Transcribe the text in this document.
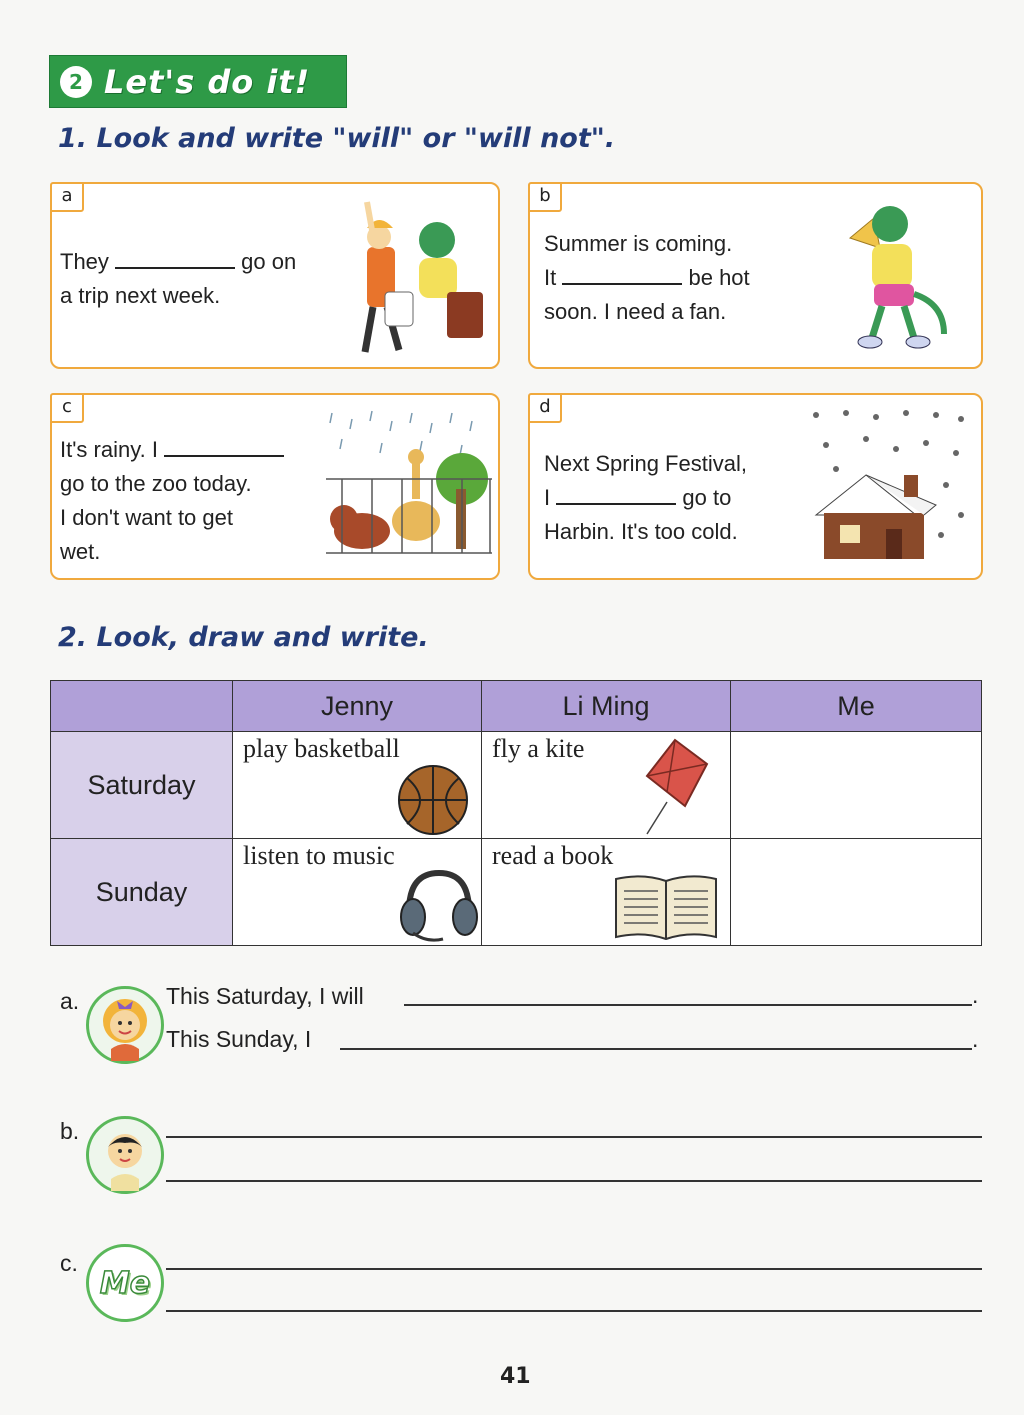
2 Let's do it!
1. Look and write "will" or "will not".
a
They	go on
a trip next week.
b
Summer is coming.
It	be hot
soon. I need a fan.
c
It's rainy. I
go to the zoo today.
I don't want to get
wet.
d
Next Spring Festival,
I	go to
Harbin. It's too cold.
2. Look, draw and write.
	Jenny	Li Ming	Me
Saturday	play basketball	fly a kite	

Sunday	listen to music	read a book	

a.	This Saturday, I will	.
This Sunday, I	.
b.
c.
Me
41
